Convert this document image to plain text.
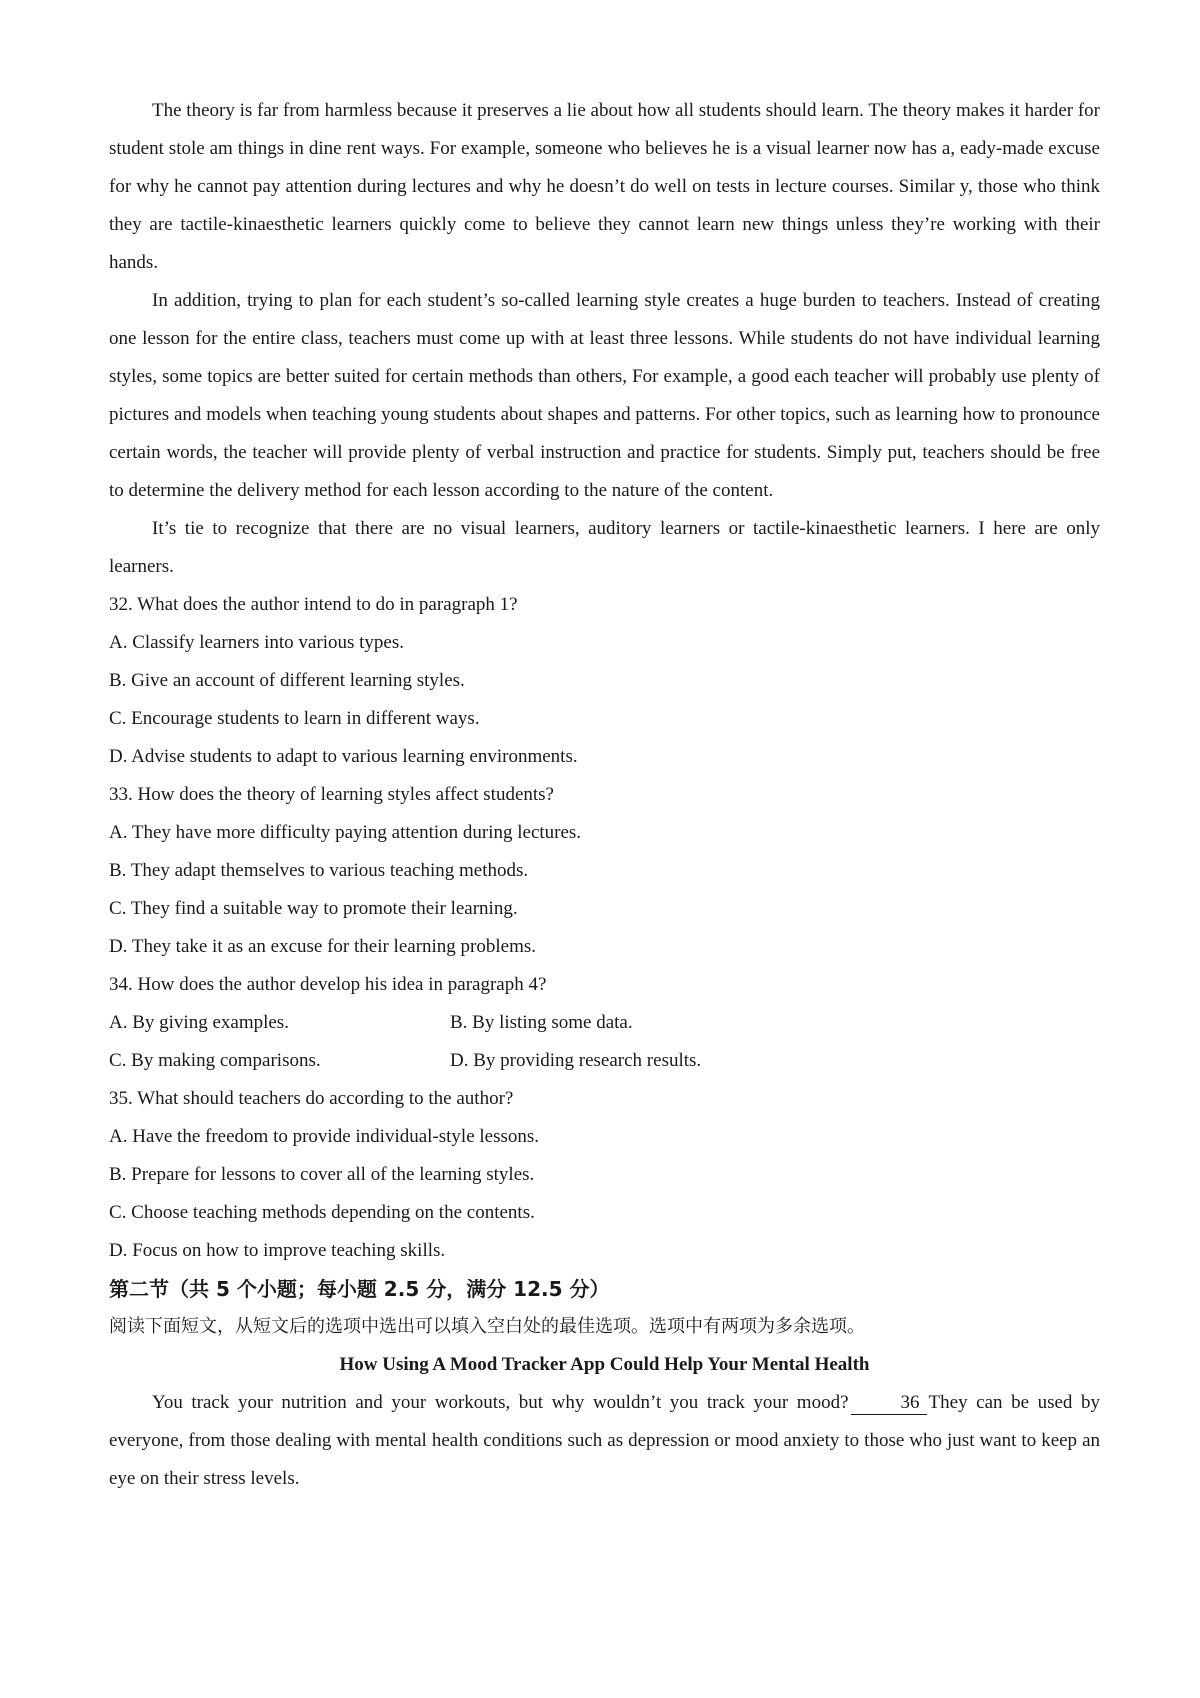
The theory is far from harmless because it preserves a lie about how all students should learn. The theory makes it harder for student stole am things in dine rent ways. For example, someone who believes he is a visual learner now has a, eady-made excuse for why he cannot pay attention during lectures and why he doesn’t do well on tests in lecture courses. Similar y, those who think they are tactile-kinaesthetic learners quickly come to believe they cannot learn new things unless they’re working with their hands.

In addition, trying to plan for each student’s so-called learning style creates a huge burden to teachers. Instead of creating one lesson for the entire class, teachers must come up with at least three lessons. While students do not have individual learning styles, some topics are better suited for certain methods than others, For example, a good each teacher will probably use plenty of pictures and models when teaching young students about shapes and patterns. For other topics, such as learning how to pronounce certain words, the teacher will provide plenty of verbal instruction and practice for students. Simply put, teachers should be free to determine the delivery method for each lesson according to the nature of the content.

It’s tie to recognize that there are no visual learners, auditory learners or tactile-kinaesthetic learners. I here are only learners.

32. What does the author intend to do in paragraph 1?

A. Classify learners into various types.

B. Give an account of different learning styles.

C. Encourage students to learn in different ways.

D. Advise students to adapt to various learning environments.

33. How does the theory of learning styles affect students?

A. They have more difficulty paying attention during lectures.

B. They adapt themselves to various teaching methods.

C. They find a suitable way to promote their learning.

D. They take it as an excuse for their learning problems.

34. How does the author develop his idea in paragraph 4?

A. By giving examples.	B. By listing some data.
C. By making comparisons.	D. By providing research results.

35. What should teachers do according to the author?

A. Have the freedom to provide individual-style lessons.

B. Prepare for lessons to cover all of the learning styles.

C. Choose teaching methods depending on the contents.

D. Focus on how to improve teaching skills.

第二节（共 5 个小题；每小题 2.5 分，满分 12.5 分）

阅读下面短文，从短文后的选项中选出可以填入空白处的最佳选项。选项中有两项为多余选项。

How Using A Mood Tracker App Could Help Your Mental Health

You track your nutrition and your workouts, but why wouldn’t you track your mood?	36 They can be used by everyone, from those dealing with mental health conditions such as depression or mood anxiety to those who just want to keep an eye on their stress levels.
